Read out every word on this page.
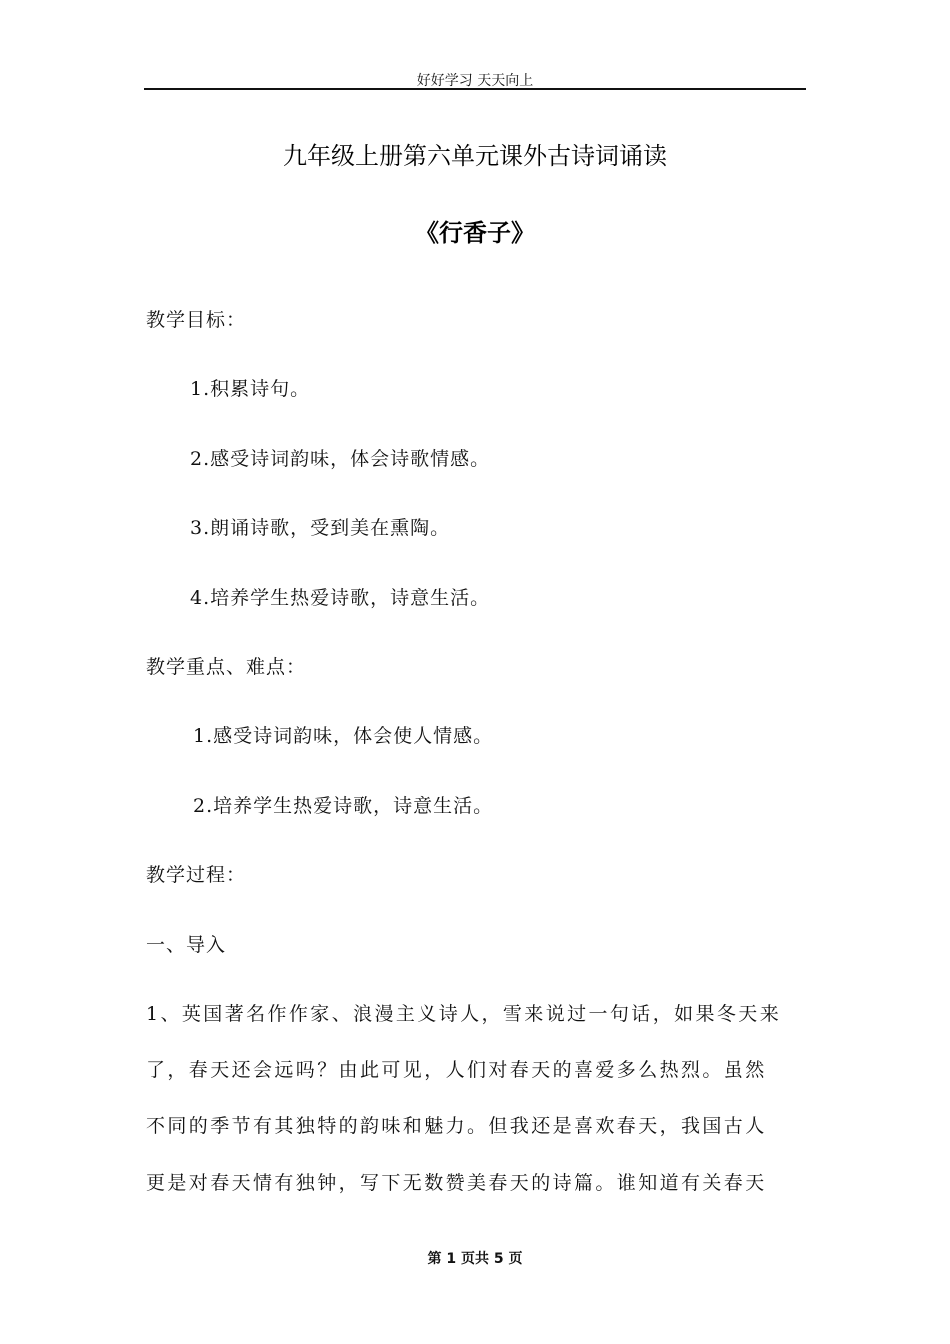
好好学习 天天向上
九年级上册第六单元课外古诗词诵读
《行香子》
教学目标：
1.积累诗句。
2.感受诗词韵味，体会诗歌情感。
3.朗诵诗歌，受到美在熏陶。
4.培养学生热爱诗歌，诗意生活。
教学重点、难点：
1.感受诗词韵味，体会使人情感。
2.培养学生热爱诗歌，诗意生活。
教学过程：
一、导入
1、英国著名作作家、浪漫主义诗人，雪来说过一句话，如果冬天来
了，春天还会远吗？由此可见，人们对春天的喜爱多么热烈。虽然
不同的季节有其独特的韵味和魅力。但我还是喜欢春天，我国古人
更是对春天情有独钟，写下无数赞美春天的诗篇。谁知道有关春天
第 1 页共 5 页
